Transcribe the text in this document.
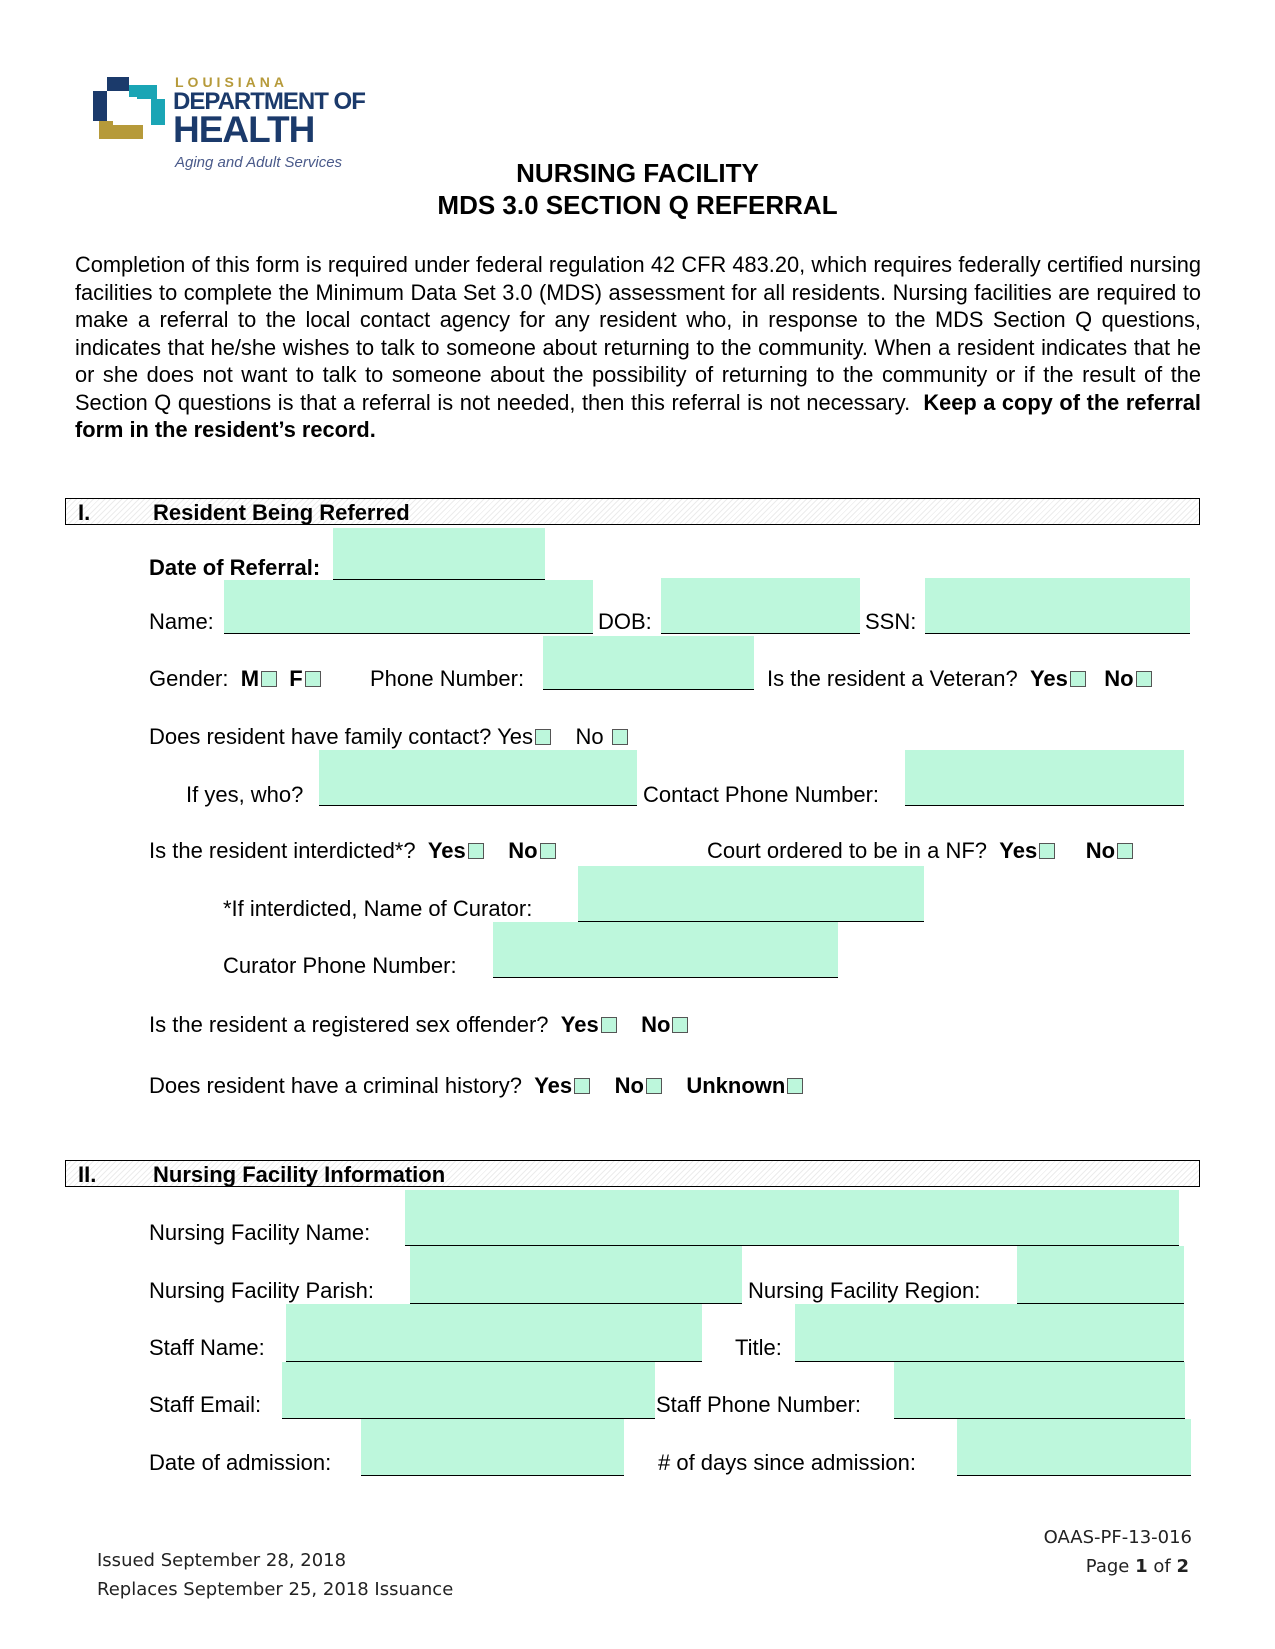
LOUISIANA
DEPARTMENT OF
HEALTH
Aging and Adult Services	NURSING FACILITY
MDS 3.0 SECTION Q REFERRAL

Completion of this form is required under federal regulation 42 CFR 483.20, which requires federally certified nursing facilities to complete the Minimum Data Set 3.0 (MDS) assessment for all residents. Nursing facilities are required to make a referral to the local contact agency for any resident who, in response to the MDS Section Q questions, indicates that he/she wishes to talk to someone about returning to the community. When a resident indicates that he or she does not want to talk to someone about the possibility of returning to the community or if the result of the Section Q questions is that a referral is not needed, then this referral is not necessary. Keep a copy of the referral form in the resident’s record.

I.	Resident Being Referred
Date of Referral:
Name:	DOB:	SSN:
Gender: M F	Phone Number:	Is the resident a Veteran? Yes No
Does resident have family contact? Yes No
If yes, who?	Contact Phone Number:
Is the resident interdicted*? Yes No	Court ordered to be in a NF? Yes No
*If interdicted, Name of Curator:
Curator Phone Number:
Is the resident a registered sex offender? Yes No
Does resident have a criminal history? Yes No Unknown
II.	Nursing Facility Information
Nursing Facility Name:
Nursing Facility Parish:	Nursing Facility Region:
Staff Name:	Title:
Staff Email:	Staff Phone Number:
Date of admission:	# of days since admission:
Issued September 28, 2018
Replaces September 25, 2018 Issuance
OAAS-PF-13-016
Page 1 of 2
